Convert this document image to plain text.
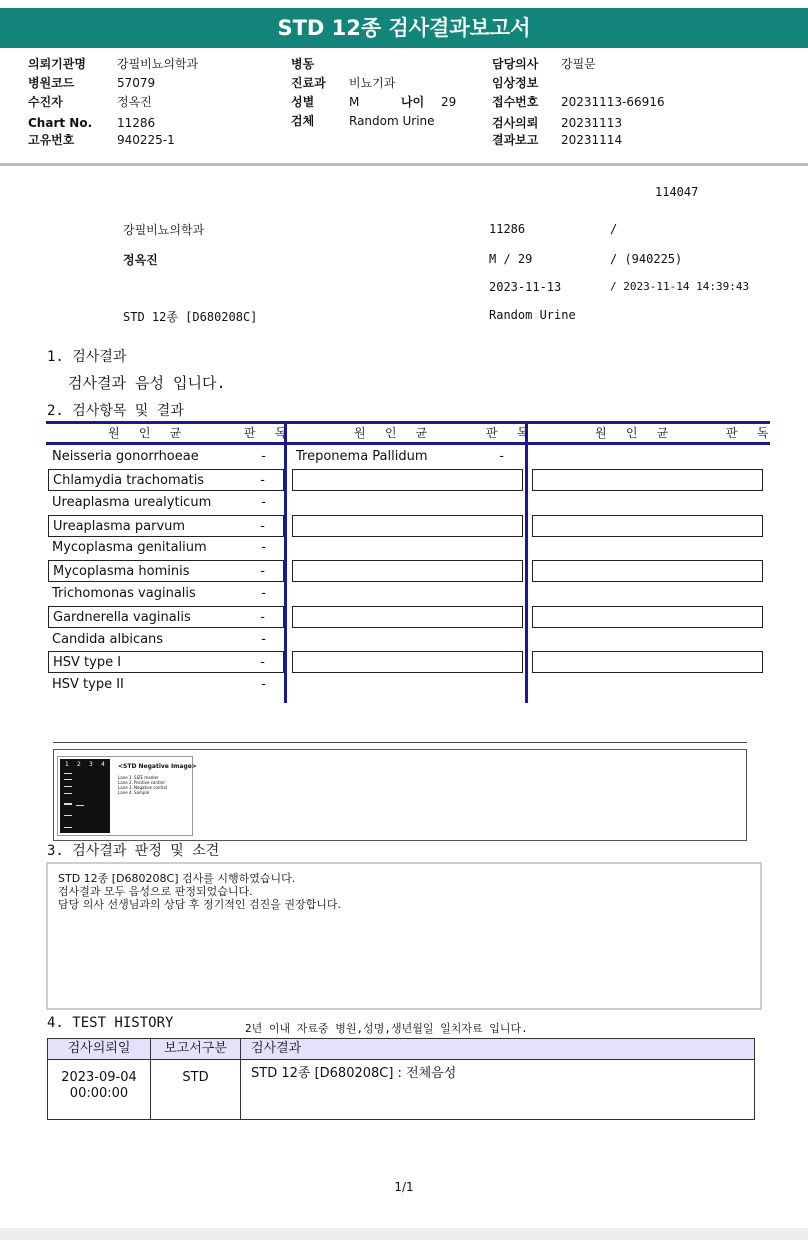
STD 12종 검사결과보고서
의뢰기관명	강필비뇨의학과
병원코드	57079
수진자	정옥진
Chart No. 11286
고유번호	940225-1
병동
진료과 비뇨기과
성별	M	나이 29
검체	Random Urine
담당의사 강필문
임상정보
접수번호 20231113-66916
검사의뢰 20231113
결과보고 20231114
114047
강필비뇨의학과	11286	/
정옥진	M / 29	/ (940225)
2023-11-13	/ 2023-11-14 14:39:43
STD 12종 [D680208C]	Random Urine
1. 검사결과
검사결과 음성 입니다.
2. 검사항목 및 결과
원 인 균	판 독	원 인 균	판 독	원 인 균	판 독
Neisseria gonorrhoeae	-
Chlamydia trachomatis	-
Ureaplasma urealyticum	-
Ureaplasma parvum	-
Mycoplasma genitalium	-
Mycoplasma hominis	-
Trichomonas vaginalis	-
Gardnerella vaginalis	-
Candida albicans	-
HSV type I	-
HSV type II	-
Treponema Pallidum	-
1 2 3 4 <STD Negative Image>
Lane 1. SIZE marker
Lane 2. Positive control
Lane 3. Negative control
Lane 4. Sample
3. 검사결과 판정 및 소견
STD 12종 [D680208C] 검사를 시행하였습니다.
검사결과 모두 음성으로 판정되었습니다.
담당 의사 선생님과의 상담 후 정기적인 검진을 권장합니다.
4. TEST HISTORY	2년 이내 자료중 병원,성명,생년월일 일치자료 입니다.
검사의뢰일	보고서구분	검사결과
2023-09-04
00:00:00
STD	STD 12종 [D680208C] : 전체음성
1/1
